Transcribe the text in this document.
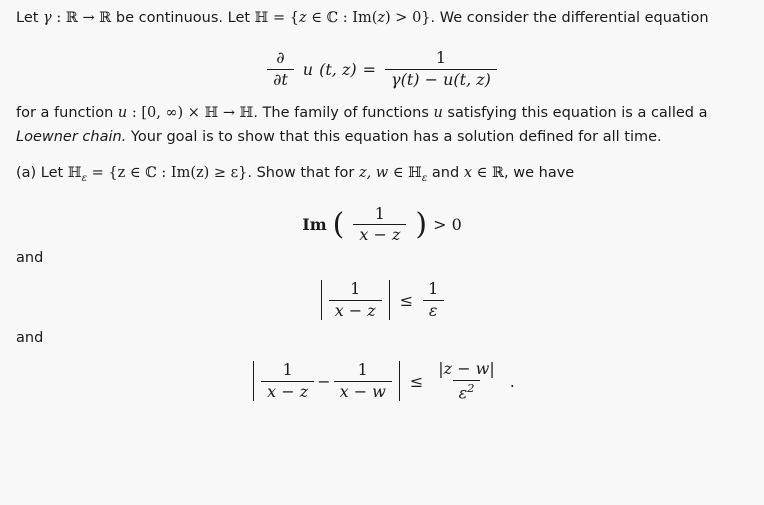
Let γ : ℝ → ℝ be continuous. Let ℍ = {z ∈ ℂ : Im(z) > 0}. We consider the differential equation

$\frac{\partial}{\partial t}$ u (t, $z) = \frac{1}{\gamma(t) - u(t, z)}$

for a function u : [0, ∞) × ℍ → ℍ. The family of functions u satisfying this equation is a called a Loewner chain. Your goal is to show that this equation has a solution defined for all time.

(a) Let ℍ$_\varepsilon$ = {z ∈ ℂ : Im(z) ≥ ε}. Show that for z, w ∈ ℍ$_\varepsilon$ and x ∈ ℝ, we have

Im ( $\frac{1}{x - z}$ ) > 0

and

$\frac{1}{x - z} \le \frac{1}{\varepsilon}$

and

$\frac{1}{x - z} - \frac{1}{x - w} \le \frac{|z - w|}{\varepsilon^2}$ .
